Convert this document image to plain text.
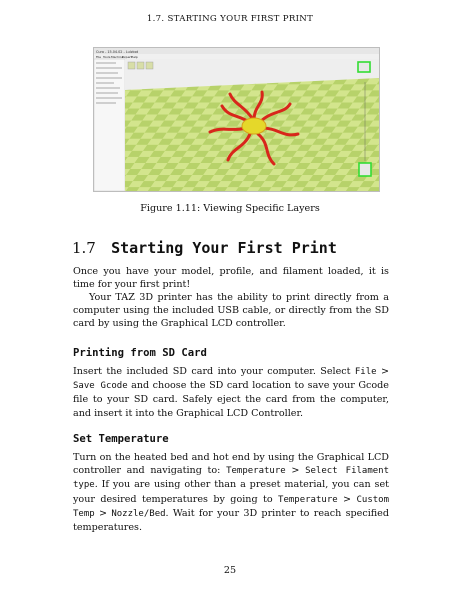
1.7. STARTING YOUR FIRST PRINT
Cura - 15.04.02 - Lulzbot
File Tools Machine
Expert Help
Figure 1.11: Viewing Specific Layers
1.7 Starting Your First Print

Once you have your model, profile, and filament loaded, it is time for your first print!

Your TAZ 3D printer has the ability to print directly from a computer using the included USB cable, or directly from the SD card by using the Graphical LCD controller.

Printing from SD Card

Insert the included SD card into your computer. Select File > Save Gcode and choose the SD card location to save your Gcode file to your SD card. Safely eject the card from the computer, and insert it into the Graphical LCD Controller.

Set Temperature

Turn on the heated bed and hot end by using the Graphical LCD controller and navigating to: Temperature > Select Filament type. If you are using other than a preset material, you can set your desired temperatures by going to Temperature > Custom Temp > Nozzle/Bed. Wait for your 3D printer to reach specified temperatures.

25
